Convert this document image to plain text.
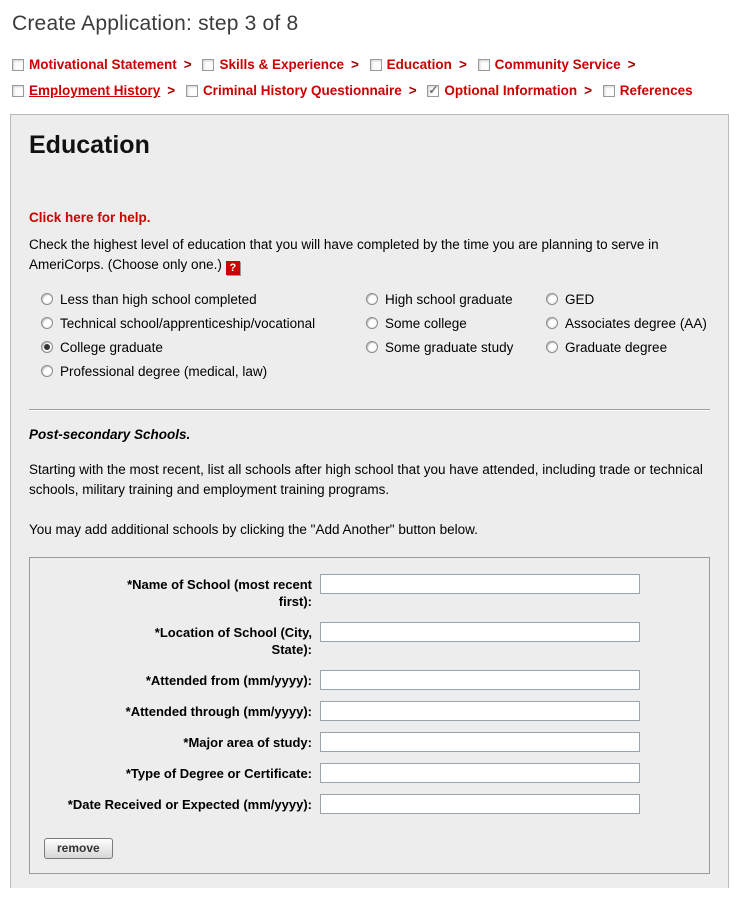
Create Application: step 3 of 8
Motivational Statement > Skills & Experience > Education > Community Service > Employment History > Criminal History Questionnaire > Optional Information > References
Education
Click here for help.
Check the highest level of education that you will have completed by the time you are planning to serve in AmeriCorps. (Choose only one.) ?
Less than high school completed	High school graduate	GED
Technical school/apprenticeship/vocational	Some college	Associates degree (AA)
College graduate	Some graduate study	Graduate degree
Professional degree (medical, law)
Post-secondary Schools.
Starting with the most recent, list all schools after high school that you have attended, including trade or technical schools, military training and employment training programs.
You may add additional schools by clicking the "Add Another" button below.
*Name of School (most recent
first):
*Location of School (City,
State):
*Attended from (mm/yyyy):
*Attended through (mm/yyyy):
*Major area of study:
*Type of Degree or Certificate:
*Date Received or Expected (mm/yyyy):
remove
